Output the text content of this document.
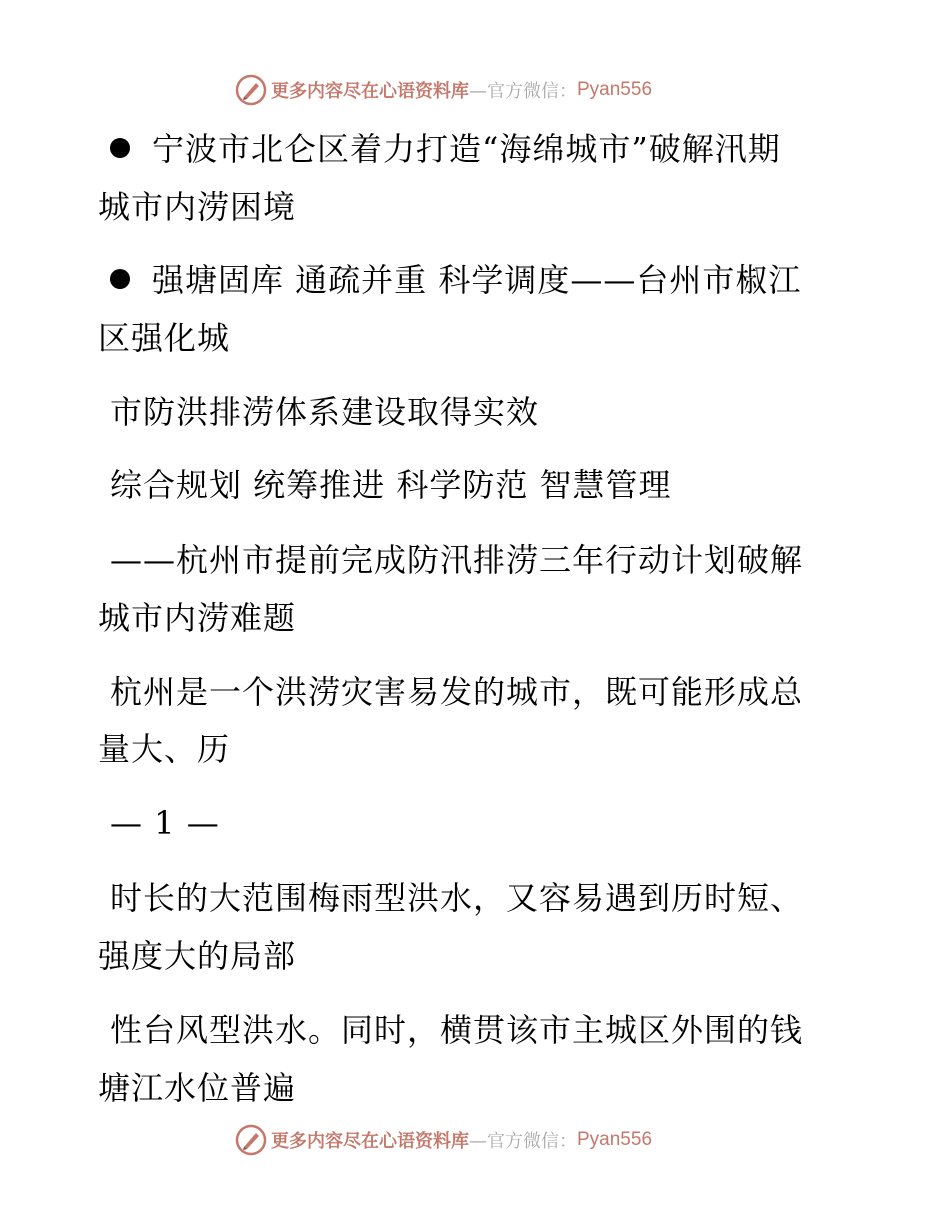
更多内容尽在心语资料库 —官方微信： Pyan556
宁波市北仑区着力打造“海绵城市”破解汛期
城市内涝困境
强塘固库 通疏并重 科学调度——台州市椒江
区强化城
市防洪排涝体系建设取得实效
综合规划 统筹推进 科学防范 智慧管理
——杭州市提前完成防汛排涝三年行动计划破解
城市内涝难题
杭州是一个洪涝灾害易发的城市，既可能形成总
量大、历
— 1 —
时长的大范围梅雨型洪水，又容易遇到历时短、
强度大的局部
性台风型洪水。同时，横贯该市主城区外围的钱
塘江水位普遍
更多内容尽在心语资料库 —官方微信： Pyan556
